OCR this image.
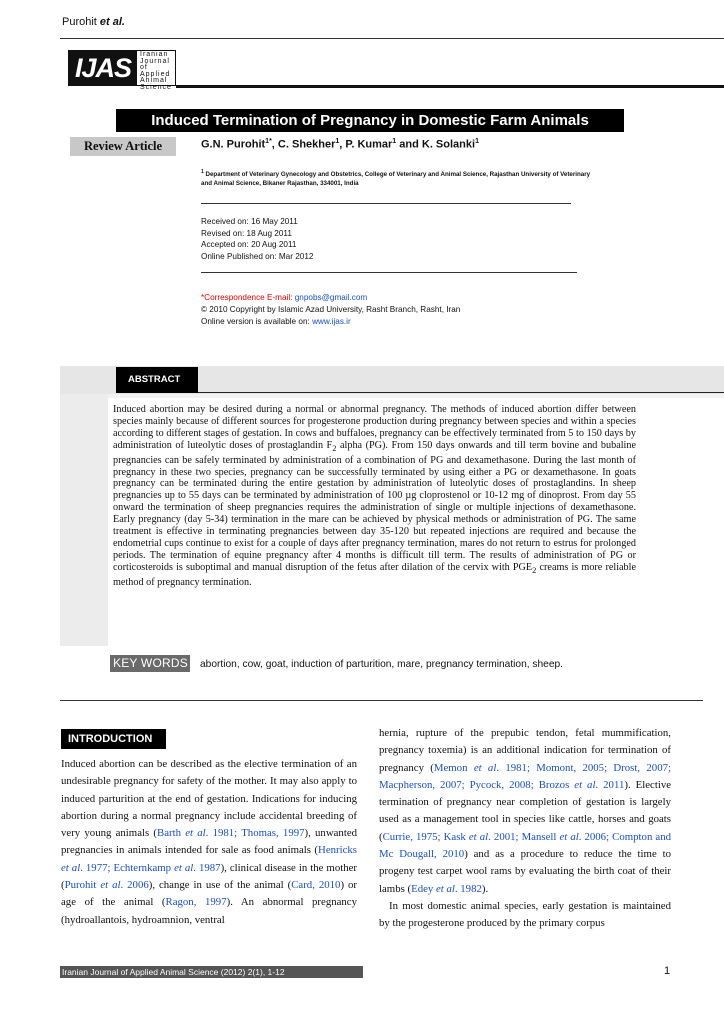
Purohit et al.
IJAS	Iranian
Journal
of Applied
Animal
Science
Induced Termination of Pregnancy in Domestic Farm Animals
Review Article	G.N. Purohit$^{1*}$, C. Shekher$^1$, P. Kumar$^1$ and K. Solanki$^1$
$^1$ Department of Veterinary Gynecology and Obstetrics, College of Veterinary and Animal Science, Rajasthan University of Veterinary and Animal Science, Bikaner Rajasthan, 334001, India
Received on: 16 May 2011
Revised on: 18 Aug 2011
Accepted on: 20 Aug 2011
Online Published on: Mar 2012
*Correspondence E-mail: gnpobs@gmail.com
© 2010 Copyright by Islamic Azad University, Rasht Branch, Rasht, Iran
Online version is available on: www.ijas.ir
ABSTRACT
Induced abortion may be desired during a normal or abnormal pregnancy. The methods of induced abortion differ between species mainly because of different sources for progesterone production during pregnancy between species and within a species according to different stages of gestation. In cows and buffaloes, pregnancy can be effectively terminated from 5 to 150 days by administration of luteolytic doses of prostaglandin $F_2$ alpha (PG). From 150 days onwards and till term bovine and bubaline pregnancies can be safely terminated by administration of a combination of PG and dexamethasone. During the last month of pregnancy in these two species, pregnancy can be successfully terminated by using either a PG or dexamethasone. In goats pregnancy can be terminated during the entire gestation by administration of luteolytic doses of prostaglandins. In sheep pregnancies up to 55 days can be terminated by administration of 100 µg cloprostenol or 10-12 mg of dinoprost. From day 55 onward the termination of sheep pregnancies requires the administration of single or multiple injections of dexamethasone. Early pregnancy (day 5-34) termination in the mare can be achieved by physical methods or administration of PG. The same treatment is effective in terminating pregnancies between day 35-120 but repeated injections are required and because the endometrial cups continue to exist for a couple of days after pregnancy termination, mares do not return to estrus for prolonged periods. The termination of equine pregnancy after 4 months is difficult till term. The results of administration of PG or corticosteroids is suboptimal and manual disruption of the fetus after dilation of the cervix with $PGE_2$ creams is more reliable method of pregnancy termination.
KEY WORDS abortion, cow, goat, induction of parturition, mare, pregnancy termination, sheep.
INTRODUCTION
Induced abortion can be described as the elective termination of an undesirable pregnancy for safety of the mother. It may also apply to induced parturition at the end of gestation. Indications for inducing abortion during a normal pregnancy include accidental breeding of very young animals (Barth et al. 1981; Thomas, 1997), unwanted pregnancies in animals intended for sale as food animals (Henricks et al. 1977; Echternkamp et al. 1987), clinical disease in the mother (Purohit et al. 2006), change in use of the animal (Card, 2010) or age of the animal (Ragon, 1997). An abnormal pregnancy (hydroallantois, hydroamnion, ventral

hernia, rupture of the prepubic tendon, fetal mummification, pregnancy toxemia) is an additional indication for termination of pregnancy (Memon et al. 1981; Momont, 2005; Drost, 2007; Macpherson, 2007; Pycock, 2008; Brozos et al. 2011). Elective termination of pregnancy near completion of gestation is largely used as a management tool in species like cattle, horses and goats (Currie, 1975; Kask et al. 2001; Mansell et al. 2006; Compton and Mc Dougall, 2010) and as a procedure to reduce the time to progeny test carpet wool rams by evaluating the birth coat of their lambs (Edey et al. 1982).

In most domestic animal species, early gestation is maintained by the progesterone produced by the primary corpus

Iranian Journal of Applied Animal Science (2012) 2(1), 1-12	1
